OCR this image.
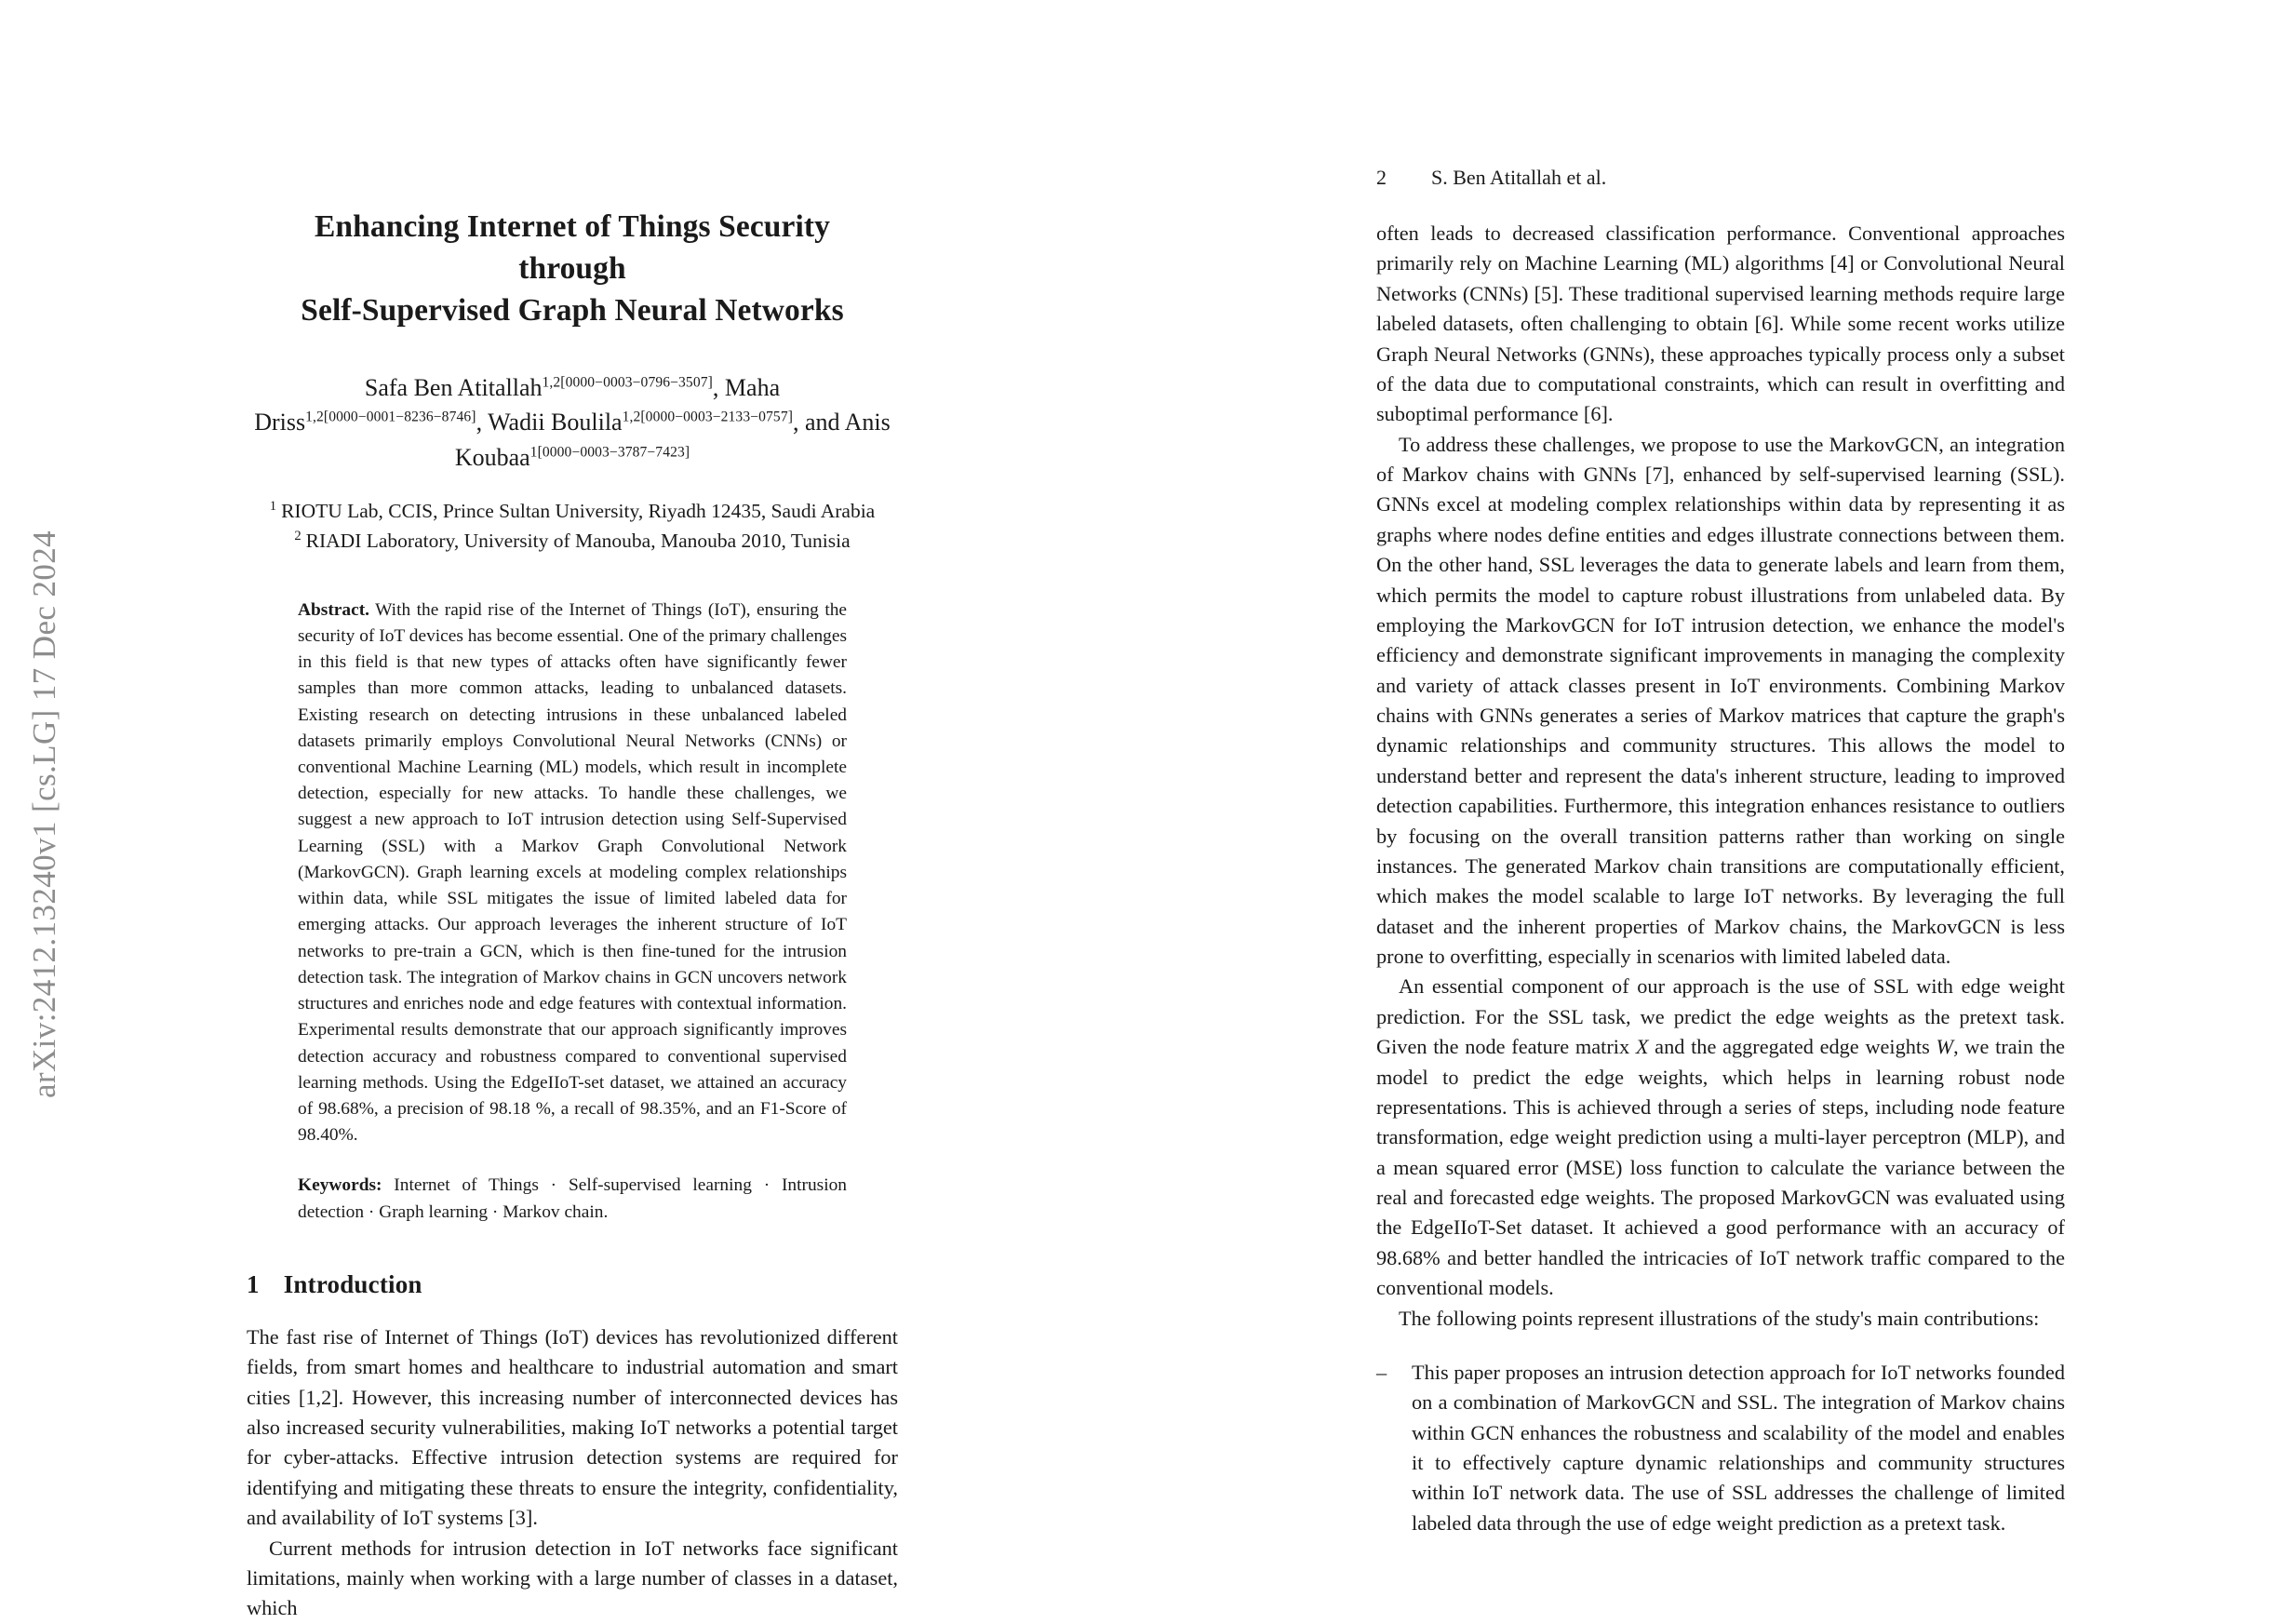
arXiv:2412.13240v1 [cs.LG] 17 Dec 2024
Enhancing Internet of Things Security through
Self-Supervised Graph Neural Networks
Safa Ben Atitallah$^{1,2[0000-0003-0796-3507]}$, Maha Driss$^{1,2[0000-0001-8236-8746]}$, Wadii Boulila$^{1,2[0000-0003-2133-0757]}$, and Anis Koubaa$^{1[0000-0003-3787-7423]}$
$^1$ RIOTU Lab, CCIS, Prince Sultan University, Riyadh 12435, Saudi Arabia
$^2$ RIADI Laboratory, University of Manouba, Manouba 2010, Tunisia
Abstract. With the rapid rise of the Internet of Things (IoT), ensuring the security of IoT devices has become essential. One of the primary challenges in this field is that new types of attacks often have significantly fewer samples than more common attacks, leading to unbalanced datasets. Existing research on detecting intrusions in these unbalanced labeled datasets primarily employs Convolutional Neural Networks (CNNs) or conventional Machine Learning (ML) models, which result in incomplete detection, especially for new attacks. To handle these challenges, we suggest a new approach to IoT intrusion detection using Self-Supervised Learning (SSL) with a Markov Graph Convolutional Network (MarkovGCN). Graph learning excels at modeling complex relationships within data, while SSL mitigates the issue of limited labeled data for emerging attacks. Our approach leverages the inherent structure of IoT networks to pre-train a GCN, which is then fine-tuned for the intrusion detection task. The integration of Markov chains in GCN uncovers network structures and enriches node and edge features with contextual information. Experimental results demonstrate that our approach significantly improves detection accuracy and robustness compared to conventional supervised learning methods. Using the EdgeIIoT-set dataset, we attained an accuracy of 98.68%, a precision of 98.18 %, a recall of 98.35%, and an F1-Score of 98.40%.
Keywords: Internet of Things · Self-supervised learning · Intrusion detection · Graph learning · Markov chain.
1 Introduction

The fast rise of Internet of Things (IoT) devices has revolutionized different fields, from smart homes and healthcare to industrial automation and smart cities [1,2]. However, this increasing number of interconnected devices has also increased security vulnerabilities, making IoT networks a potential target for cyber-attacks. Effective intrusion detection systems are required for identifying and mitigating these threats to ensure the integrity, confidentiality, and availability of IoT systems [3].

Current methods for intrusion detection in IoT networks face significant limitations, mainly when working with a large number of classes in a dataset, which

2 S. Ben Atitallah et al.

often leads to decreased classification performance. Conventional approaches primarily rely on Machine Learning (ML) algorithms [4] or Convolutional Neural Networks (CNNs) [5]. These traditional supervised learning methods require large labeled datasets, often challenging to obtain [6]. While some recent works utilize Graph Neural Networks (GNNs), these approaches typically process only a subset of the data due to computational constraints, which can result in overfitting and suboptimal performance [6].

To address these challenges, we propose to use the MarkovGCN, an integration of Markov chains with GNNs [7], enhanced by self-supervised learning (SSL). GNNs excel at modeling complex relationships within data by representing it as graphs where nodes define entities and edges illustrate connections between them. On the other hand, SSL leverages the data to generate labels and learn from them, which permits the model to capture robust illustrations from unlabeled data. By employing the MarkovGCN for IoT intrusion detection, we enhance the model's efficiency and demonstrate significant improvements in managing the complexity and variety of attack classes present in IoT environments. Combining Markov chains with GNNs generates a series of Markov matrices that capture the graph's dynamic relationships and community structures. This allows the model to understand better and represent the data's inherent structure, leading to improved detection capabilities. Furthermore, this integration enhances resistance to outliers by focusing on the overall transition patterns rather than working on single instances. The generated Markov chain transitions are computationally efficient, which makes the model scalable to large IoT networks. By leveraging the full dataset and the inherent properties of Markov chains, the MarkovGCN is less prone to overfitting, especially in scenarios with limited labeled data.

An essential component of our approach is the use of SSL with edge weight prediction. For the SSL task, we predict the edge weights as the pretext task. Given the node feature matrix X and the aggregated edge weights W, we train the model to predict the edge weights, which helps in learning robust node representations. This is achieved through a series of steps, including node feature transformation, edge weight prediction using a multi-layer perceptron (MLP), and a mean squared error (MSE) loss function to calculate the variance between the real and forecasted edge weights. The proposed MarkovGCN was evaluated using the EdgeIIoT-Set dataset. It achieved a good performance with an accuracy of 98.68% and better handled the intricacies of IoT network traffic compared to the conventional models.

The following points represent illustrations of the study's main contributions:

– This paper proposes an intrusion detection approach for IoT networks founded on a combination of MarkovGCN and SSL. The integration of Markov chains within GCN enhances the robustness and scalability of the model and enables it to effectively capture dynamic relationships and community structures within IoT network data. The use of SSL addresses the challenge of limited labeled data through the use of edge weight prediction as a pretext task.
